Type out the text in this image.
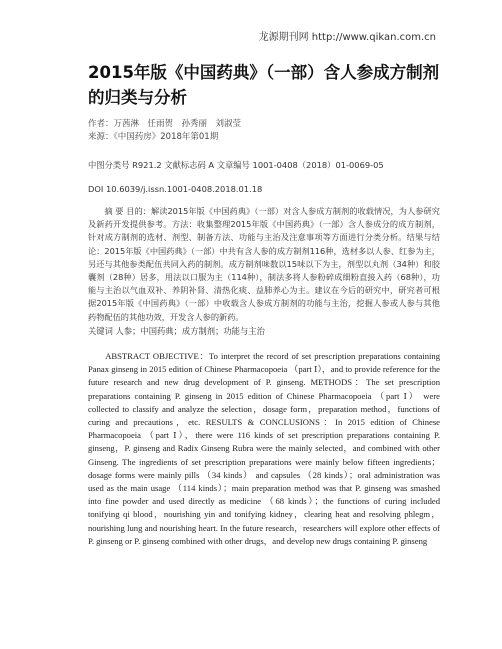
龙源期刊网 http://www.qikan.com.cn
2015年版《中国药典》（一部）含人参成方制剂的归类与分析
作者：万茜淋　任雨贺　孙秀丽　刘淑莹
来源：《中国药房》2018年第01期
中图分类号 R921.2 文献标志码 A 文章编号 1001-0408（2018）01-0069-05
DOI 10.6039/j.issn.1001-0408.2018.01.18
摘 要 目的：解读2015年版《中国药典》（一部）对含人参成方制剂的收载情况，为人参研究及新药开发提供参考。方法：收集整理2015年版《中国药典》（一部）含人参成分的成方制剂，针对成方制剂的选材、剂型、制备方法、功能与主治及注意事项等方面进行分类分析。结果与结论：2015年版《中国药典》（一部）中共有含人参的成方制剂116种，选材多以人参、红参为主，另还与其他参类配伍共同入药的制剂。成方制剂味数以15味以下为主，剂型以丸剂（34种）和胶囊剂（28种）居多，用法以口服为主（114种），制法多将人参粉碎成细粉直接入药（68种），功能与主治以气血双补、养阴补肾、清热化痰、益肺养心为主。建议在今后的研究中，研究者可根据2015年版《中国药典》（一部）中收载含人参成方制剂的功能与主治，挖掘人参或人参与其他药物配伍的其他功效，开发含人参的新药。
关键词 人参；中国药典；成方制剂；功能与主治
ABSTRACT OBJECTIVE：To interpret the record of set prescription preparations containing Panax ginseng in 2015 edition of Chinese Pharmacopoeia （part Ⅰ），and to provide reference for the future research and new drug development of P. ginseng. METHODS：The set prescription preparations containing P. ginseng in 2015 edition of Chinese Pharmacopoeia （part Ⅰ） were collected to classify and analyze the selection，dosage form，preparation method，functions of curing and precautions，etc. RESULTS & CONCLUSIONS：In 2015 edition of Chinese Pharmacopoeia （part Ⅰ），there were 116 kinds of set prescription preparations containing P. ginseng，P. ginseng and Radix Ginseng Rubra were the mainly selected，and combined with other Ginseng. The ingredients of set prescription preparations were mainly below fifteen ingredients；dosage forms were mainly pills （34 kinds） and capsules （28 kinds）；oral administration was used as the main usage （114 kinds）；main preparation method was that P. ginseng was smashed into fine powder and used directly as medicine （68 kinds）；the functions of curing included tonifying qi blood，nourishing yin and tonifying kidney，clearing heat and resolving phlegm，nourishing lung and nourishing heart. In the future research，researchers will explore other effects of P. ginseng or P. ginseng combined with other drugs，and develop new drugs containing P. ginseng
